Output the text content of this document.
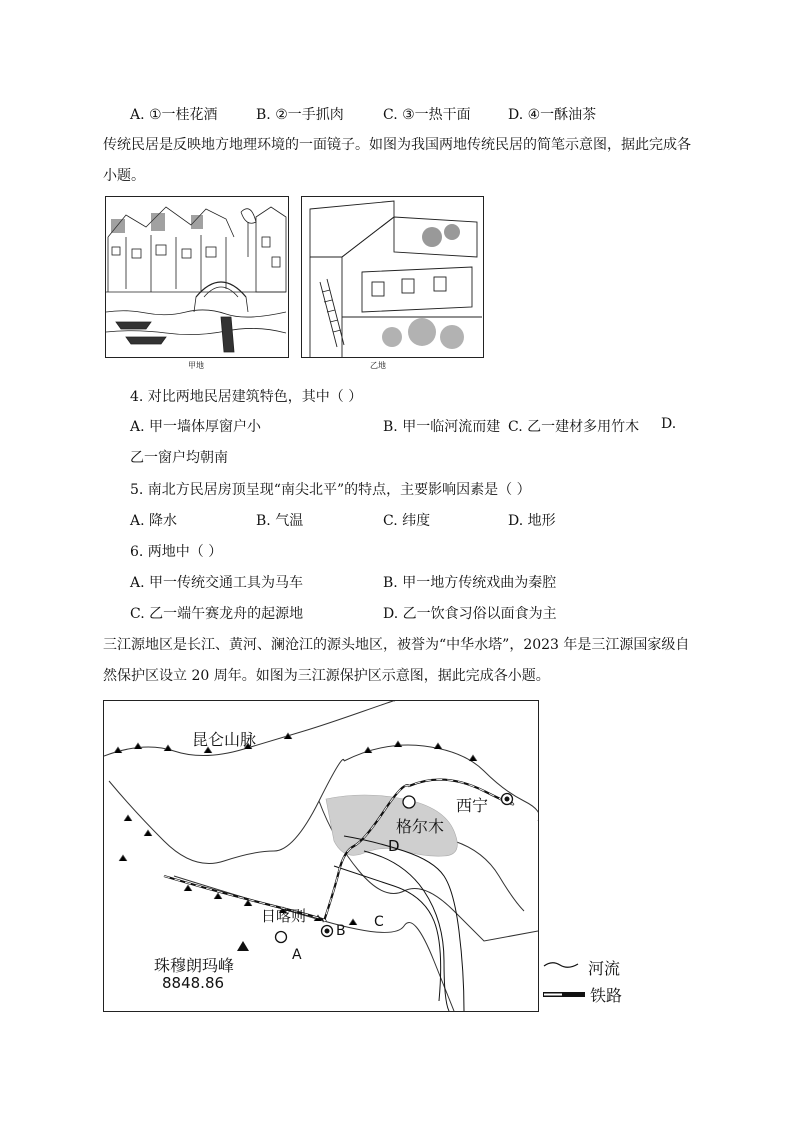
A. ①一桂花酒	B. ②一手抓肉	C. ③一热干面	D. ④一酥油茶
传统民居是反映地方地理环境的一面镜子。如图为我国两地传统民居的简笔示意图，据此完成各
小题。
甲地	乙地
4. 对比两地民居建筑特色，其中（ ）
A. 甲一墙体厚窗户小	B. 甲一临河流而建 C. 乙一建材多用竹木 D.
乙一窗户均朝南
5. 南北方民居房顶呈现“南尖北平”的特点，主要影响因素是（ ）
A. 降水	B. 气温	C. 纬度	D. 地形
6. 两地中（ ）
A. 甲一传统交通工具为马车	B. 甲一地方传统戏曲为秦腔
C. 乙一端午赛龙舟的起源地	D. 乙一饮食习俗以面食为主
三江源地区是长江、黄河、澜沧江的源头地区，被誉为“中华水塔”，2023 年是三江源国家级自
然保护区设立 20 周年。如图为三江源保护区示意图，据此完成各小题。
昆仑山脉
西宁
格尔木
D
日喀则
B
C
A
珠穆朗玛峰
8848.86
河流
铁路
